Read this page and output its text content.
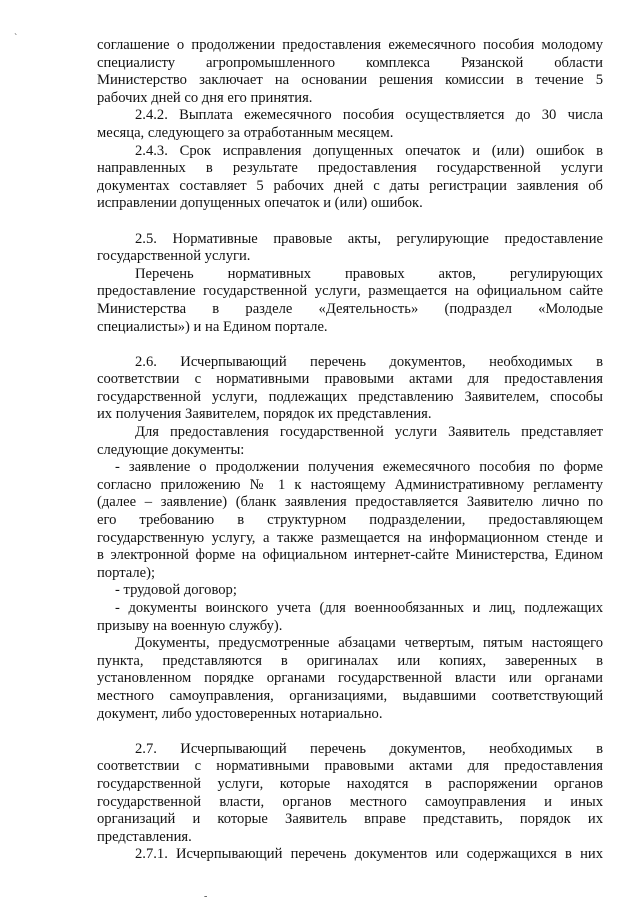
`
-
соглашение о продолжении предоставления ежемесячного пособия молодому
специалисту агропромышленного комплекса Рязанской области
Министерство заключает на основании решения комиссии в течение 5
рабочих дней со дня его принятия.
2.4.2. Выплата ежемесячного пособия осуществляется до 30 числа
месяца, следующего за отработанным месяцем.
2.4.3. Срок исправления допущенных опечаток и (или) ошибок в
направленных в результате предоставления государственной услуги
документах составляет 5 рабочих дней с даты регистрации заявления об
исправлении допущенных опечаток и (или) ошибок.
2.5. Нормативные правовые акты, регулирующие предоставление
государственной услуги.
Перечень нормативных правовых актов, регулирующих
предоставление государственной услуги, размещается на официальном сайте
Министерства в разделе «Деятельность» (подраздел «Молодые
специалисты») и на Едином портале.
2.6. Исчерпывающий перечень документов, необходимых в
соответствии с нормативными правовыми актами для предоставления
государственной услуги, подлежащих представлению Заявителем, способы
их получения Заявителем, порядок их представления.
Для предоставления государственной услуги Заявитель представляет
следующие документы:
- заявление о продолжении получения ежемесячного пособия по форме
согласно приложению № 1 к настоящему Административному регламенту
(далее – заявление) (бланк заявления предоставляется Заявителю лично по
его требованию в структурном подразделении, предоставляющем
государственную услугу, а также размещается на информационном стенде и
в электронной форме на официальном интернет-сайте Министерства, Едином
портале);
- трудовой договор;
- документы воинского учета (для военнообязанных и лиц, подлежащих
призыву на военную службу).
Документы, предусмотренные абзацами четвертым, пятым настоящего
пункта, представляются в оригиналах или копиях, заверенных в
установленном порядке органами государственной власти или органами
местного самоуправления, организациями, выдавшими соответствующий
документ, либо удостоверенных нотариально.
2.7. Исчерпывающий перечень документов, необходимых в
соответствии с нормативными правовыми актами для предоставления
государственной услуги, которые находятся в распоряжении органов
государственной власти, органов местного самоуправления и иных
организаций и которые Заявитель вправе представить, порядок их
представления.
2.7.1. Исчерпывающий перечень документов или содержащихся в них
